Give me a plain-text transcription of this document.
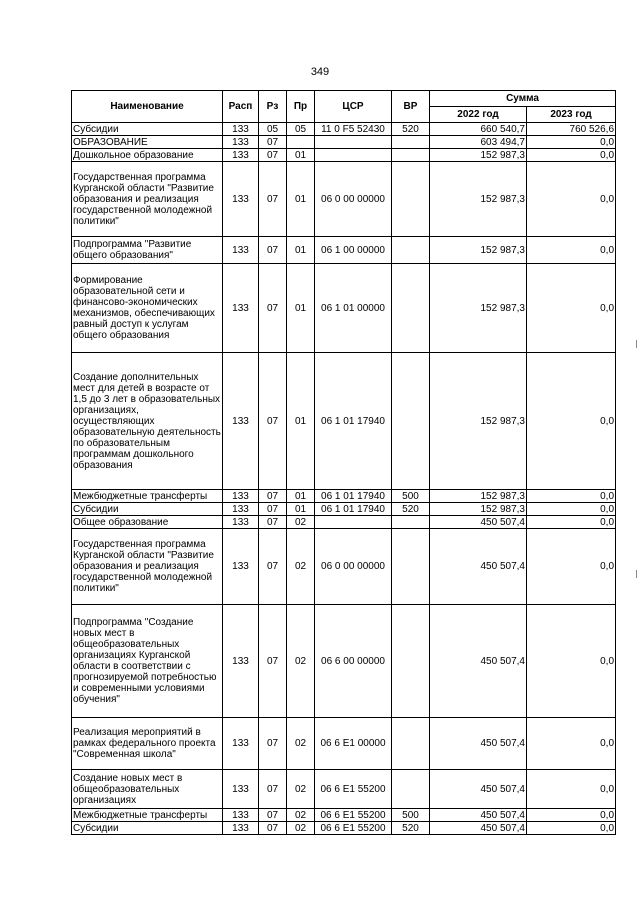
349
Наименование	Расп	Рз	Пр	ЦСР	ВР	Сумма	
						2022 год	2023 год
Субсидии	133	05	05	11 0 F5 52430	520	660 540,7	760 526,6
ОБРАЗОВАНИЕ	133	07				603 494,7	0,0
Дошкольное образование	133	07	01			152 987,3	0,0
Государственная программа Курганской области "Развитие образования и реализация государственной молодежной политики"	133	07	01	06 0 00 00000		152 987,3	0,0
Подпрограмма "Развитие общего образования"	133	07	01	06 1 00 00000		152 987,3	0,0
Формирование образовательной сети и финансово-экономических механизмов, обеспечивающих равный доступ к услугам общего образования	133	07	01	06 1 01 00000		152 987,3	0,0
Создание дополнительных мест для детей в возрасте от 1,5 до 3 лет в образовательных организациях, осуществляющих образовательную деятельность по образовательным программам дошкольного образования	133	07	01	06 1 01 17940		152 987,3	0,0
Межбюджетные трансферты	133	07	01	06 1 01 17940	500	152 987,3	0,0
Субсидии	133	07	01	06 1 01 17940	520	152 987,3	0,0
Общее образование	133	07	02			450 507,4	0,0
Государственная программа Курганской области "Развитие образования и реализация государственной молодежной политики"	133	07	02	06 0 00 00000		450 507,4	0,0
Подпрограмма "Создание новых мест в общеобразовательных организациях Курганской области в соответствии с прогнозируемой потребностью и современными условиями обучения"	133	07	02	06 6 00 00000		450 507,4	0,0
Реализация мероприятий в рамках федерального проекта "Современная школа"	133	07	02	06 6 E1 00000		450 507,4	0,0
Создание новых мест в общеобразовательных организациях	133	07	02	06 6 E1 55200		450 507,4	0,0
Межбюджетные трансферты	133	07	02	06 6 E1 55200	500	450 507,4	0,0
Субсидии	133	07	02	06 6 E1 55200	520	450 507,4	0,0
